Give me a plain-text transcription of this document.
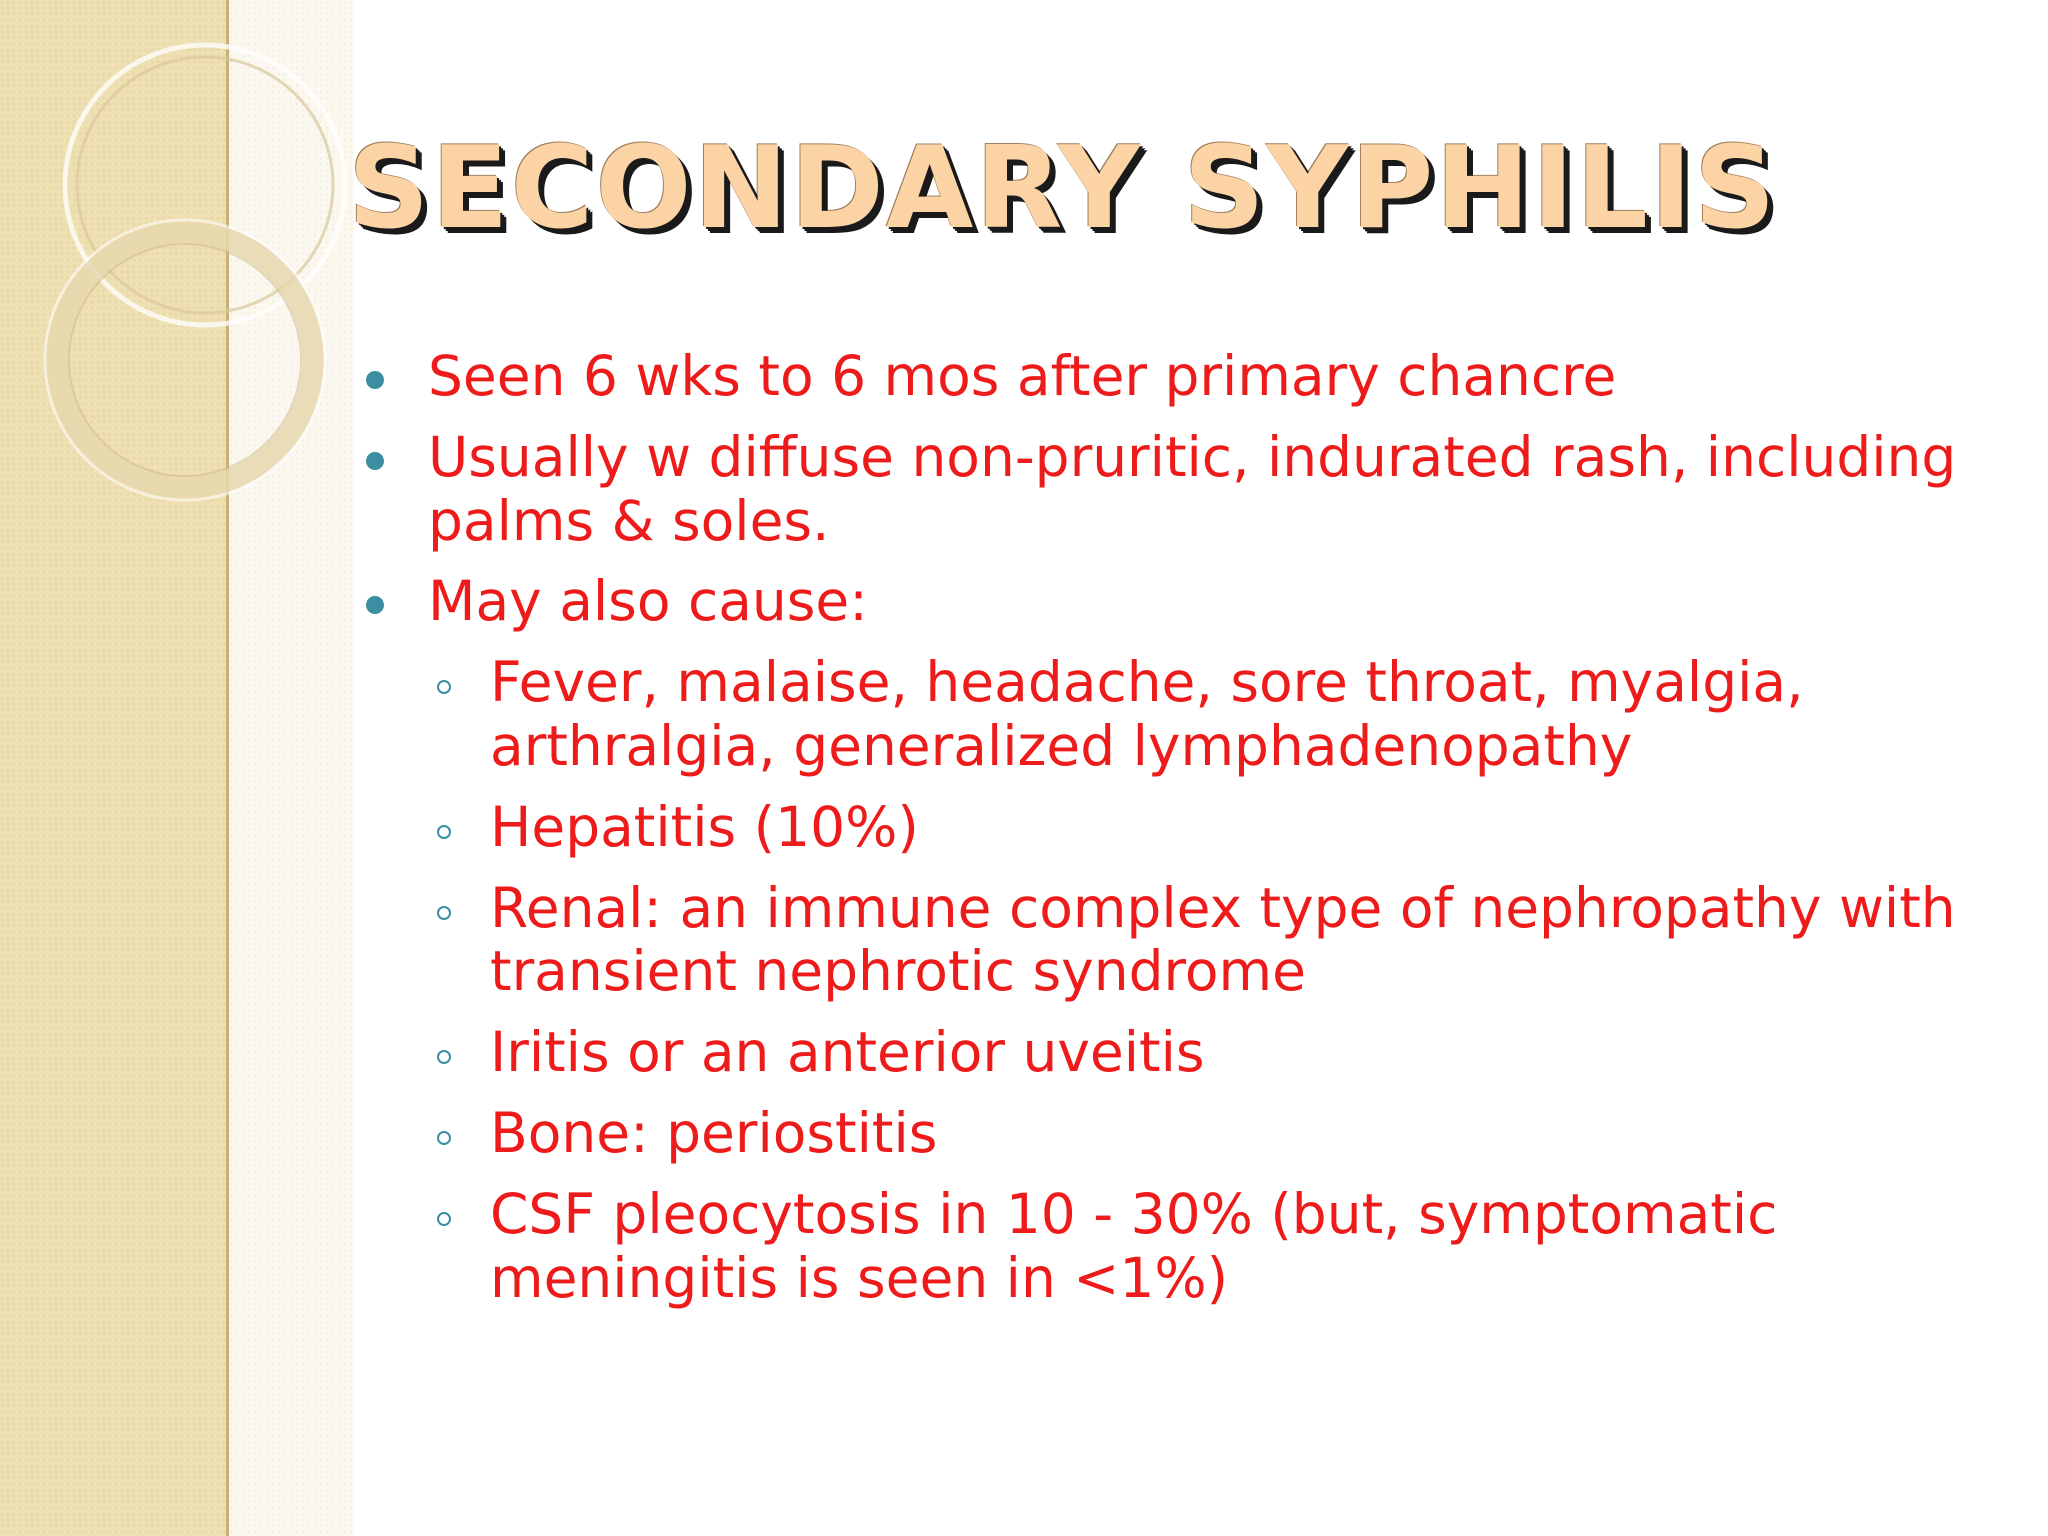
SECONDARY SYPHILIS
Seen 6 wks to 6 mos after primary chancre
Usually w diffuse non-pruritic, indurated rash, including palms & soles.
May also cause:
Fever, malaise, headache, sore throat, myalgia, arthralgia, generalized lymphadenopathy
Hepatitis (10%)
Renal: an immune complex type of nephropathy with transient nephrotic syndrome
Iritis or an anterior uveitis
Bone: periostitis
CSF pleocytosis in 10 - 30% (but, symptomatic meningitis is seen in <1%)
